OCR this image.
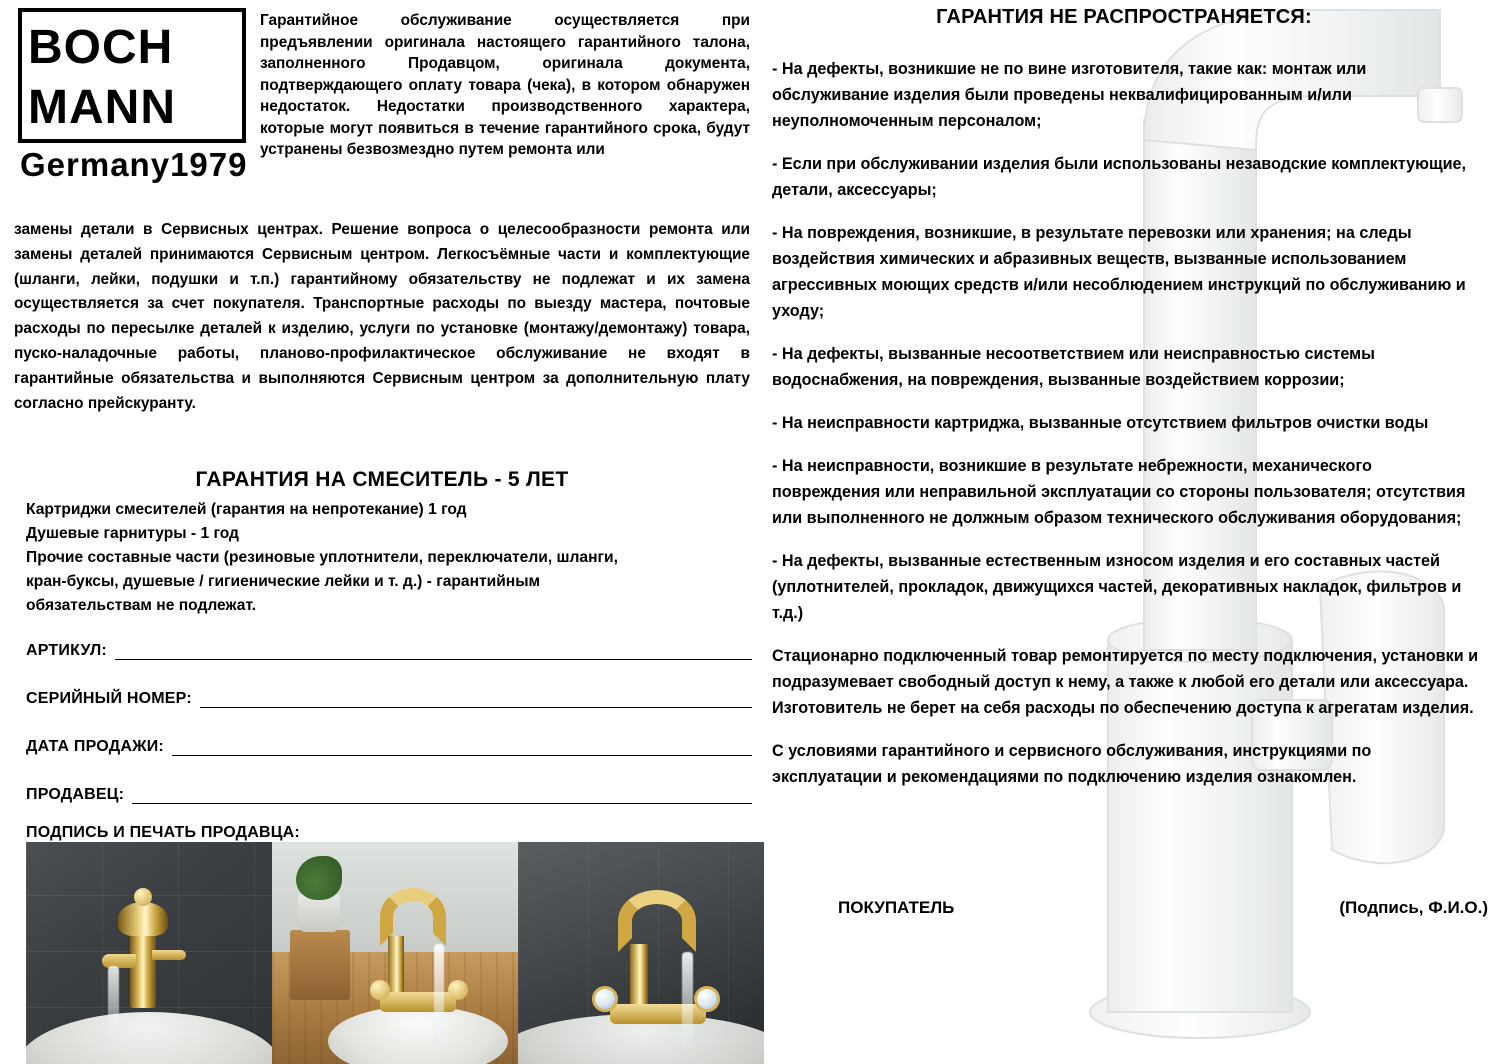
BOCH
MANN
Germany1979
Гарантийное обслуживание осуществляется при предъявлении оригинала настоящего гарантийного талона, заполненного Продавцом, оригинала документа, подтверждающего оплату товара (чека), в котором обнаружен недостаток. Недостатки производственного характера, которые могут появиться в течение гарантийного срока, будут устранены безвозмездно путем ремонта или
замены детали в Сервисных центрах. Решение вопроса о целесообразности ремонта или замены деталей принимаются Сервисным центром. Легкосъёмные части и комплектующие (шланги, лейки, подушки и т.п.) гарантийному обязательству не подлежат и их замена осуществляется за счет покупателя. Транспортные расходы по выезду мастера, почтовые расходы по пересылке деталей к изделию, услуги по установке (монтажу/демонтажу) товара, пуско-наладочные работы, планово-профилактическое обслуживание не входят в гарантийные обязательства и выполняются Сервисным центром за дополнительную плату согласно прейскуранту.
ГАРАНТИЯ НА СМЕСИТЕЛЬ - 5 ЛЕТ
Картриджи смесителей (гарантия на непротекание) 1 год
Душевые гарнитуры - 1 год
Прочие составные части (резиновые уплотнители, переключатели, шланги,
кран-буксы, душевые / гигиенические лейки и т. д.) - гарантийным
обязательствам не подлежат.
АРТИКУЛ:
СЕРИЙНЫЙ НОМЕР:
ДАТА ПРОДАЖИ:
ПРОДАВЕЦ:
ПОДПИСЬ И ПЕЧАТЬ ПРОДАВЦА:
ГАРАНТИЯ НЕ РАСПРОСТРАНЯЕТСЯ:

- На дефекты, возникшие не по вине изготовителя, такие как: монтаж или обслуживание изделия были проведены неквалифицированным и/или неуполномоченным персоналом;

- Если при обслуживании изделия были использованы незаводские комплектующие, детали, аксессуары;

- На повреждения, возникшие, в результате перевозки или хранения; на следы воздействия химических и абразивных веществ, вызванные использованием агрессивных моющих средств и/или несоблюдением инструкций по обслуживанию и уходу;

- На дефекты, вызванные несоответствием или неисправностью системы водоснабжения, на повреждения, вызванные воздействием коррозии;

- На неисправности картриджа, вызванные отсутствием фильтров очистки воды

- На неисправности, возникшие в результате небрежности, механического повреждения или неправильной эксплуатации со стороны пользователя; отсутствия или выполненного не должным образом технического обслуживания оборудования;

- На дефекты, вызванные естественным износом изделия и его составных частей (уплотнителей, прокладок, движущихся частей, декоративных накладок, фильтров и т.д.)

Стационарно подключенный товар ремонтируется по месту подключения, установки и подразумевает свободный доступ к нему, а также к любой его детали или аксессуара. Изготовитель не берет на себя расходы по обеспечению доступа к агрегатам изделия.

С условиями гарантийного и сервисного обслуживания, инструкциями по эксплуатации и рекомендациями по подключению изделия ознакомлен.

ПОКУПАТЕЛЬ	(Подпись, Ф.И.О.)
